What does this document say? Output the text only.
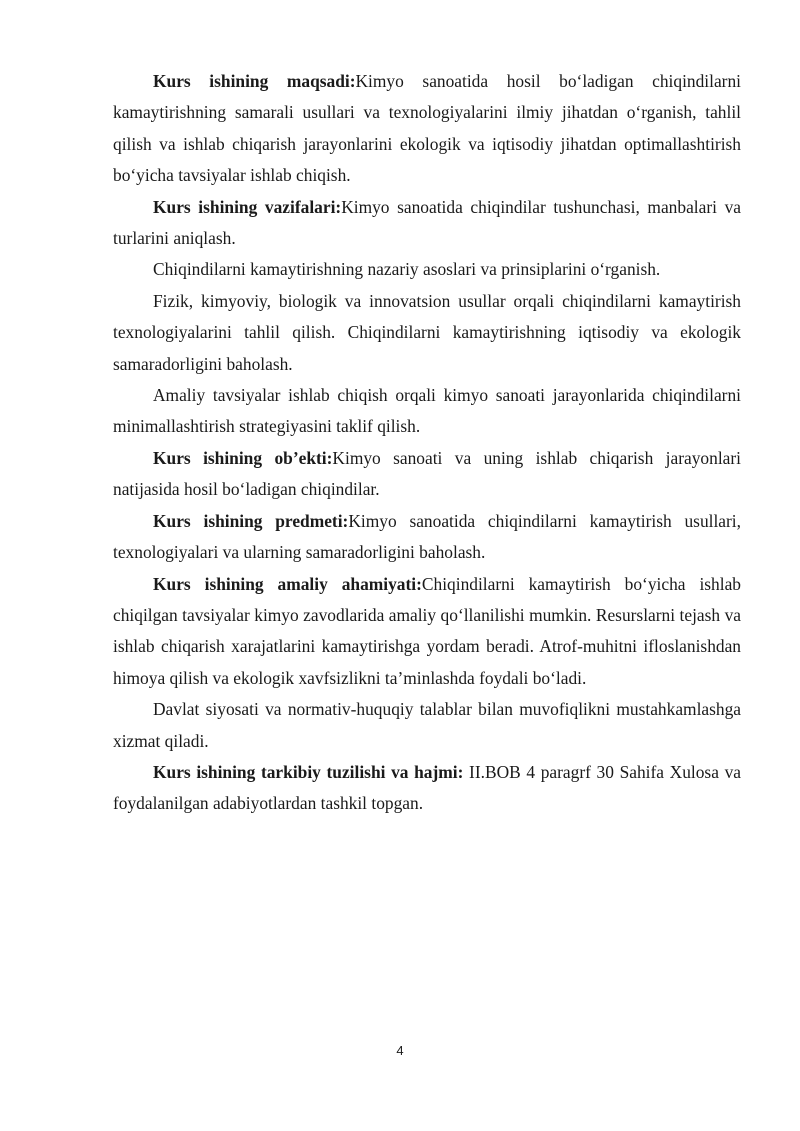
Kurs ishining maqsadi:Kimyo sanoatida hosil bo‘ladigan chiqindilarni kamaytirishning samarali usullari va texnologiyalarini ilmiy jihatdan o‘rganish, tahlil qilish va ishlab chiqarish jarayonlarini ekologik va iqtisodiy jihatdan optimallashtirish bo‘yicha tavsiyalar ishlab chiqish.

Kurs ishining vazifalari:Kimyo sanoatida chiqindilar tushunchasi, manbalari va turlarini aniqlash.

Chiqindilarni kamaytirishning nazariy asoslari va prinsiplarini o‘rganish.

Fizik, kimyoviy, biologik va innovatsion usullar orqali chiqindilarni kamaytirish texnologiyalarini tahlil qilish. Chiqindilarni kamaytirishning iqtisodiy va ekologik samaradorligini baholash.

Amaliy tavsiyalar ishlab chiqish orqali kimyo sanoati jarayonlarida chiqindilarni minimallashtirish strategiyasini taklif qilish.

Kurs ishining ob’ekti:Kimyo sanoati va uning ishlab chiqarish jarayonlari natijasida hosil bo‘ladigan chiqindilar.

Kurs ishining predmeti:Kimyo sanoatida chiqindilarni kamaytirish usullari, texnologiyalari va ularning samaradorligini baholash.

Kurs ishining amaliy ahamiyati:Chiqindilarni kamaytirish bo‘yicha ishlab chiqilgan tavsiyalar kimyo zavodlarida amaliy qo‘llanilishi mumkin. Resurslarni tejash va ishlab chiqarish xarajatlarini kamaytirishga yordam beradi. Atrof-muhitni ifloslanishdan himoya qilish va ekologik xavfsizlikni ta’minlashda foydali bo‘ladi.

Davlat siyosati va normativ-huquqiy talablar bilan muvofiqlikni mustahkamlashga xizmat qiladi.

Kurs ishining tarkibiy tuzilishi va hajmi: II.BOB 4 paragrf 30 Sahifa Xulosa va foydalanilgan adabiyotlardan tashkil topgan.

4
